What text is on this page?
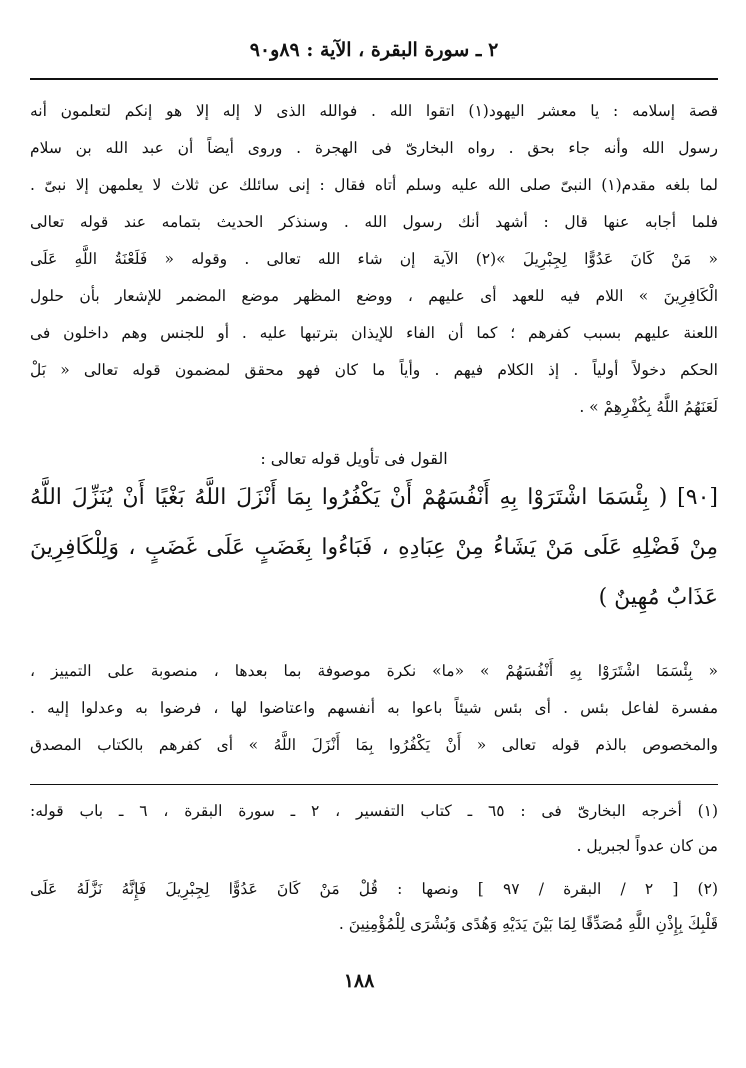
٢ ـ سورة البقرة ، الآية : ٨٩و٩٠
قصة إسلامه : يا معشر اليهود(١) اتقوا الله . فوالله الذى لا إله إلا هو إنكم لتعلمون أنه
رسول الله وأنه جاء بحق . رواه البخارىّ فى الهجرة . وروى أيضاً أن عبد الله بن سلام
لما بلغه مقدم(١) النبىّ صلى الله عليه وسلم أتاه فقال : إنى سائلك عن ثلاث لا يعلمهن إلا نبىّ .
فلما أجابه عنها قال : أشهد أنك رسول الله . وسنذكر الحديث بتمامه عند قوله تعالى
« مَنْ كَانَ عَدُوًّا لِجِبْرِيلَ »(٢) الآية إن شاء الله تعالى . وقوله « فَلَعْنَةُ اللَّهِ عَلَى
الْكَافِرِينَ » اللام فيه للعهد أى عليهم ، ووضع المظهر موضع المضمر للإشعار بأن حلول
اللعنة عليهم بسبب كفرهم ؛ كما أن الفاء للإيذان بترتبها عليه . أو للجنس وهم داخلون فى
الحكم دخولاً أولياً . إذ الكلام فيهم . وأياً ما كان فهو محقق لمضمون قوله تعالى « بَلْ
لَعَنَهُمُ اللَّهُ بِكُفْرِهِمْ » .
القول فى تأويل قوله تعالى :
[٩٠] ( بِئْسَمَا اشْتَرَوْا بِهِ أَنْفُسَهُمْ أَنْ يَكْفُرُوا بِمَا أَنْزَلَ اللَّهُ بَغْيًا أَنْ يُنَزِّلَ اللَّهُ
مِنْ فَضْلِهِ عَلَى مَنْ يَشَاءُ مِنْ عِبَادِهِ ، فَبَاءُوا بِغَضَبٍ عَلَى غَضَبٍ ، وَلِلْكَافِرِينَ
عَذَابٌ مُهِينٌ )
« بِئْسَمَا اشْتَرَوْا بِهِ أَنْفُسَهُمْ » «ما» نكرة موصوفة بما بعدها ، منصوبة على التمييز ،
مفسرة لفاعل بئس . أى بئس شيئاً باعوا به أنفسهم واعتاضوا لها ، فرضوا به وعدلوا إليه .
والمخصوص بالذم قوله تعالى « أَنْ يَكْفُرُوا بِمَا أَنْزَلَ اللَّهُ » أى كفرهم بالكتاب المصدق
(١) أخرجه البخارىّ فى : ٦٥ ـ كتاب التفسير ، ٢ ـ سورة البقرة ، ٦ ـ باب قوله:
من كان عدواً لجبريل .
(٢) [ ٢ / البقرة / ٩٧ ] ونصها : قُلْ مَنْ كَانَ عَدُوًّا لِجِبْرِيلَ فَإِنَّهُ نَزَّلَهُ عَلَى
قَلْبِكَ بِإِذْنِ اللَّهِ مُصَدِّقًا لِمَا بَيْنَ يَدَيْهِ وَهُدًى وَبُشْرَى لِلْمُؤْمِنِينَ .
١٨٨
